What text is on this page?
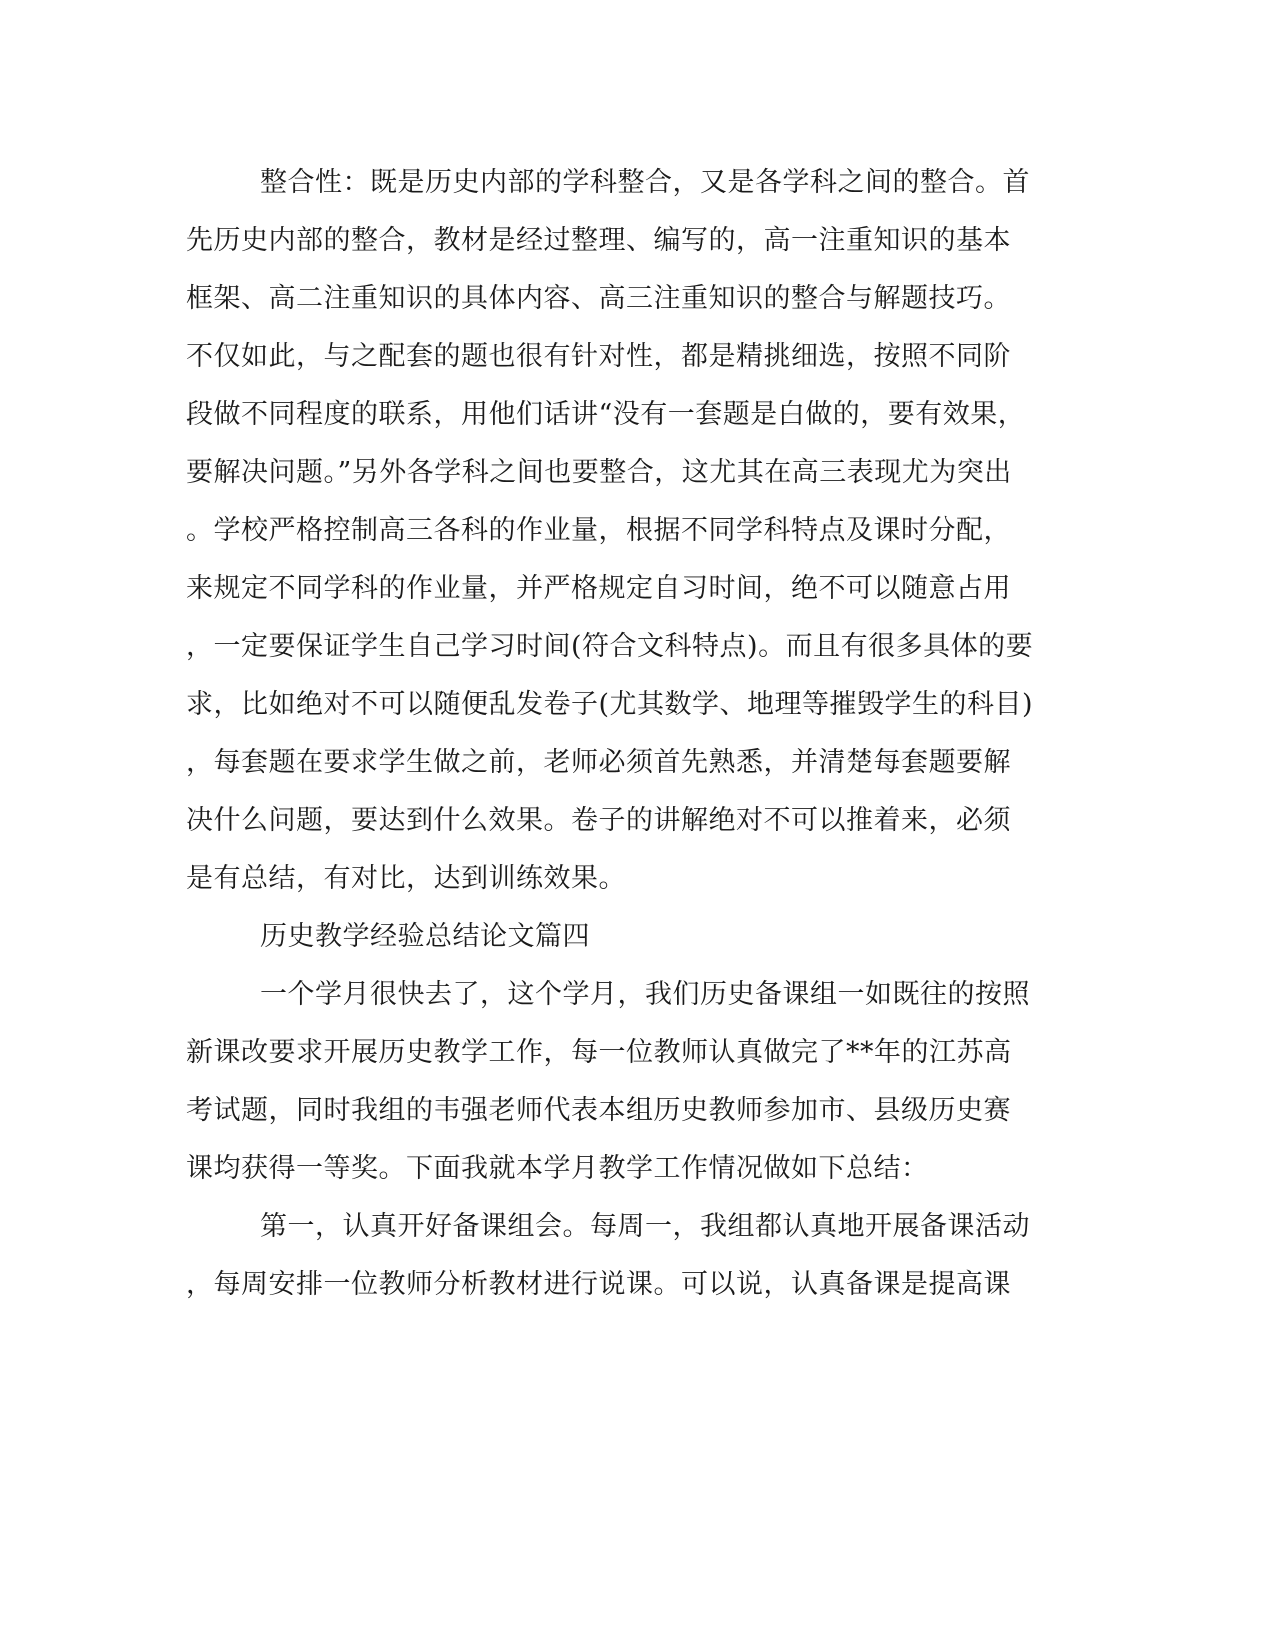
整合性：既是历史内部的学科整合，又是各学科之间的整合。首
先历史内部的整合，教材是经过整理、编写的，高一注重知识的基本
框架、高二注重知识的具体内容、高三注重知识的整合与解题技巧。
不仅如此，与之配套的题也很有针对性，都是精挑细选，按照不同阶
段做不同程度的联系，用他们话讲“没有一套题是白做的，要有效果，
要解决问题。”另外各学科之间也要整合，这尤其在高三表现尤为突出
。学校严格控制高三各科的作业量，根据不同学科特点及课时分配，
来规定不同学科的作业量，并严格规定自习时间，绝不可以随意占用
，一定要保证学生自己学习时间(符合文科特点)。而且有很多具体的要
求，比如绝对不可以随便乱发卷子(尤其数学、地理等摧毁学生的科目)
，每套题在要求学生做之前，老师必须首先熟悉，并清楚每套题要解
决什么问题，要达到什么效果。卷子的讲解绝对不可以推着来，必须
是有总结，有对比，达到训练效果。
历史教学经验总结论文篇四
一个学月很快去了，这个学月，我们历史备课组一如既往的按照
新课改要求开展历史教学工作，每一位教师认真做完了**年的江苏高
考试题，同时我组的韦强老师代表本组历史教师参加市、县级历史赛
课均获得一等奖。下面我就本学月教学工作情况做如下总结：
第一，认真开好备课组会。每周一，我组都认真地开展备课活动
，每周安排一位教师分析教材进行说课。可以说，认真备课是提高课
